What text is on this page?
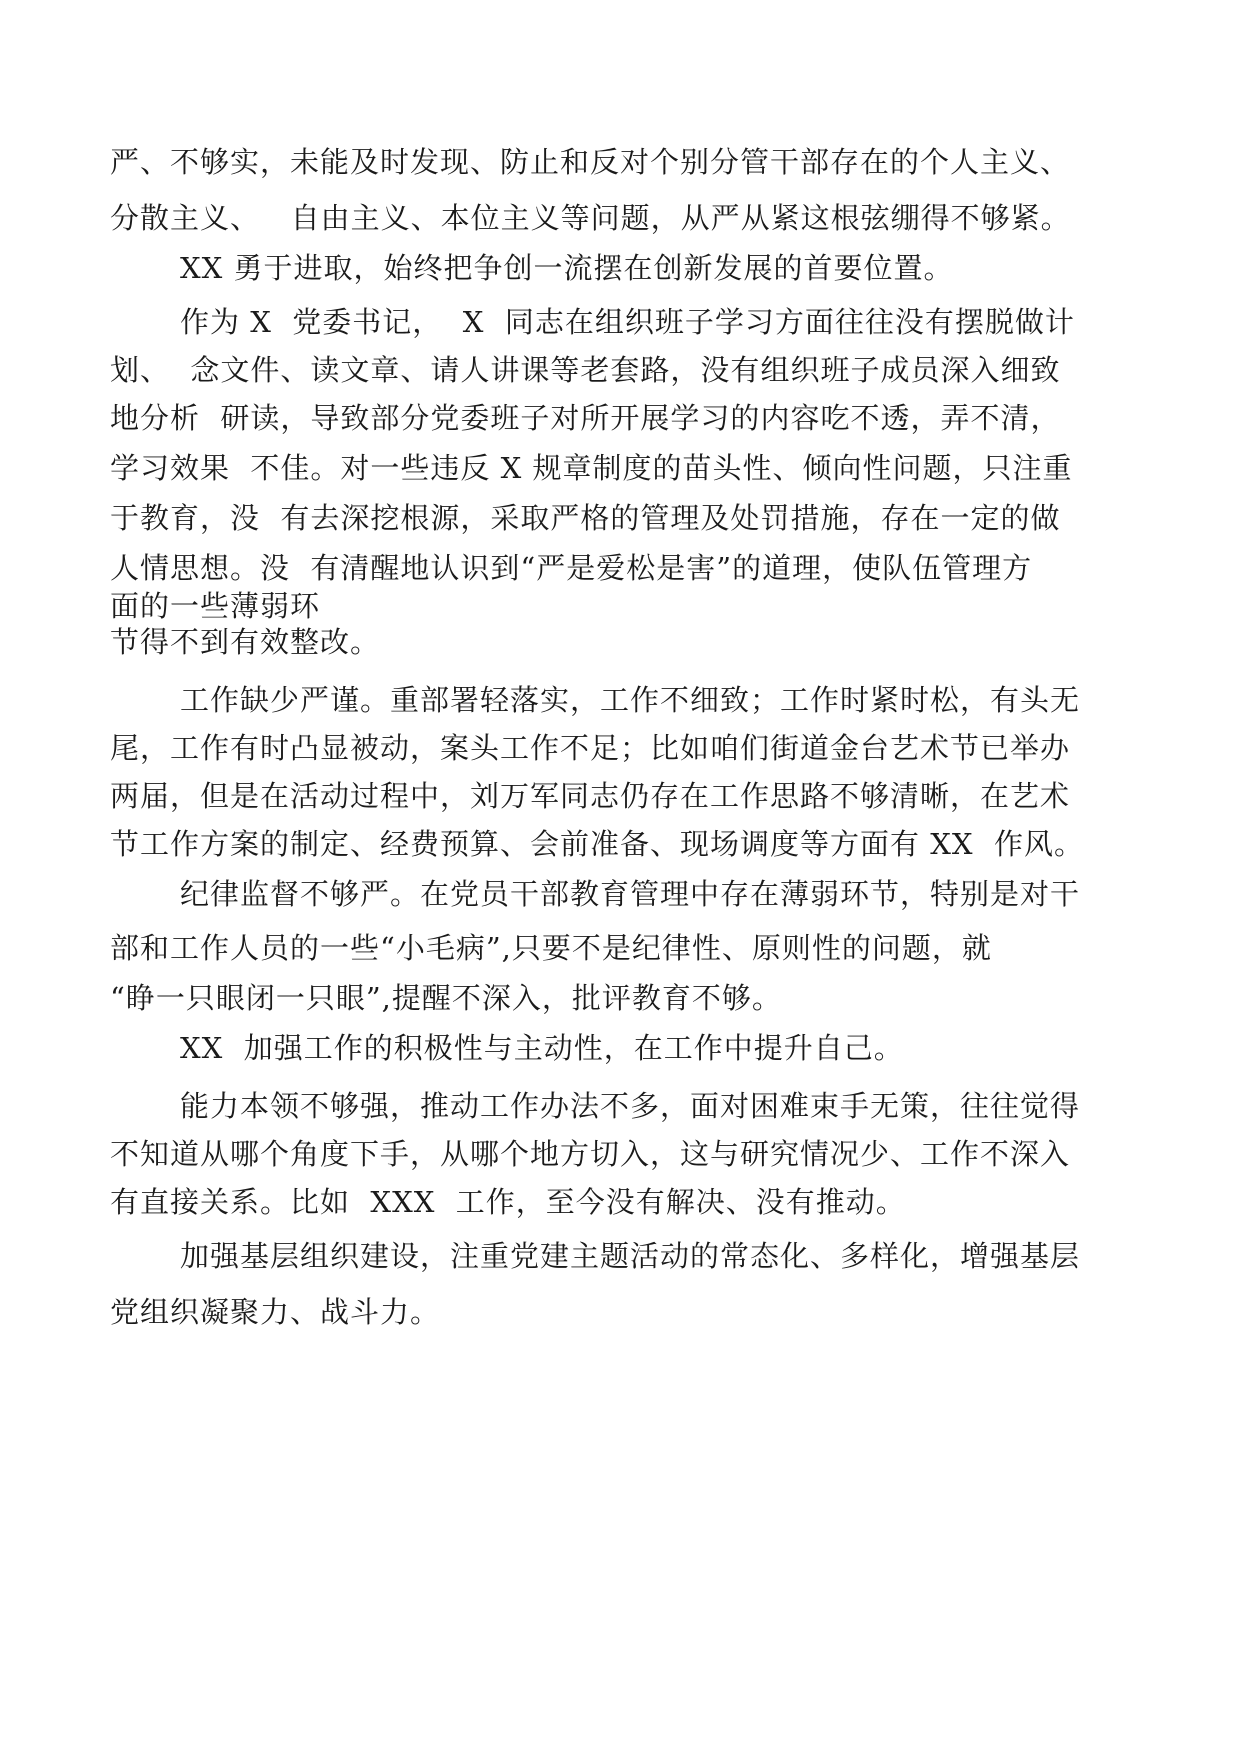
严、不够实，未能及时发现、防止和反对个别分管干部存在的个人主义、
分散主义、   自由主义、本位主义等问题，从严从紧这根弦绷得不够紧。
XX 勇于进取，始终把争创一流摆在创新发展的首要位置。
作为 X  党委书记，  X  同志在组织班子学习方面往往没有摆脱做计
划、  念文件、读文章、请人讲课等老套路，没有组织班子成员深入细致
地分析  研读，导致部分党委班子对所开展学习的内容吃不透，弄不清，
学习效果  不佳。对一些违反 X 规章制度的苗头性、倾向性问题，只注重
于教育，没  有去深挖根源，采取严格的管理及处罚措施，存在一定的做
人情思想。没  有清醒地认识到“严是爱松是害”的道理，使队伍管理方
面的一些薄弱环
节得不到有效整改。
工作缺少严谨。重部署轻落实，工作不细致；工作时紧时松，有头无
尾，工作有时凸显被动，案头工作不足；比如咱们街道金台艺术节已举办
两届，但是在活动过程中，刘万军同志仍存在工作思路不够清晰，在艺术
节工作方案的制定、经费预算、会前准备、现场调度等方面有 XX  作风。
纪律监督不够严。在党员干部教育管理中存在薄弱环节，特别是对干
部和工作人员的一些“小毛病”,只要不是纪律性、原则性的问题，就
“睁一只眼闭一只眼”,提醒不深入，批评教育不够。
XX  加强工作的积极性与主动性，在工作中提升自己。
能力本领不够强，推动工作办法不多，面对困难束手无策，往往觉得
不知道从哪个角度下手，从哪个地方切入，这与研究情况少、工作不深入
有直接关系。比如  XXX  工作，至今没有解决、没有推动。
加强基层组织建设，注重党建主题活动的常态化、多样化，增强基层
党组织凝聚力、战斗力。
